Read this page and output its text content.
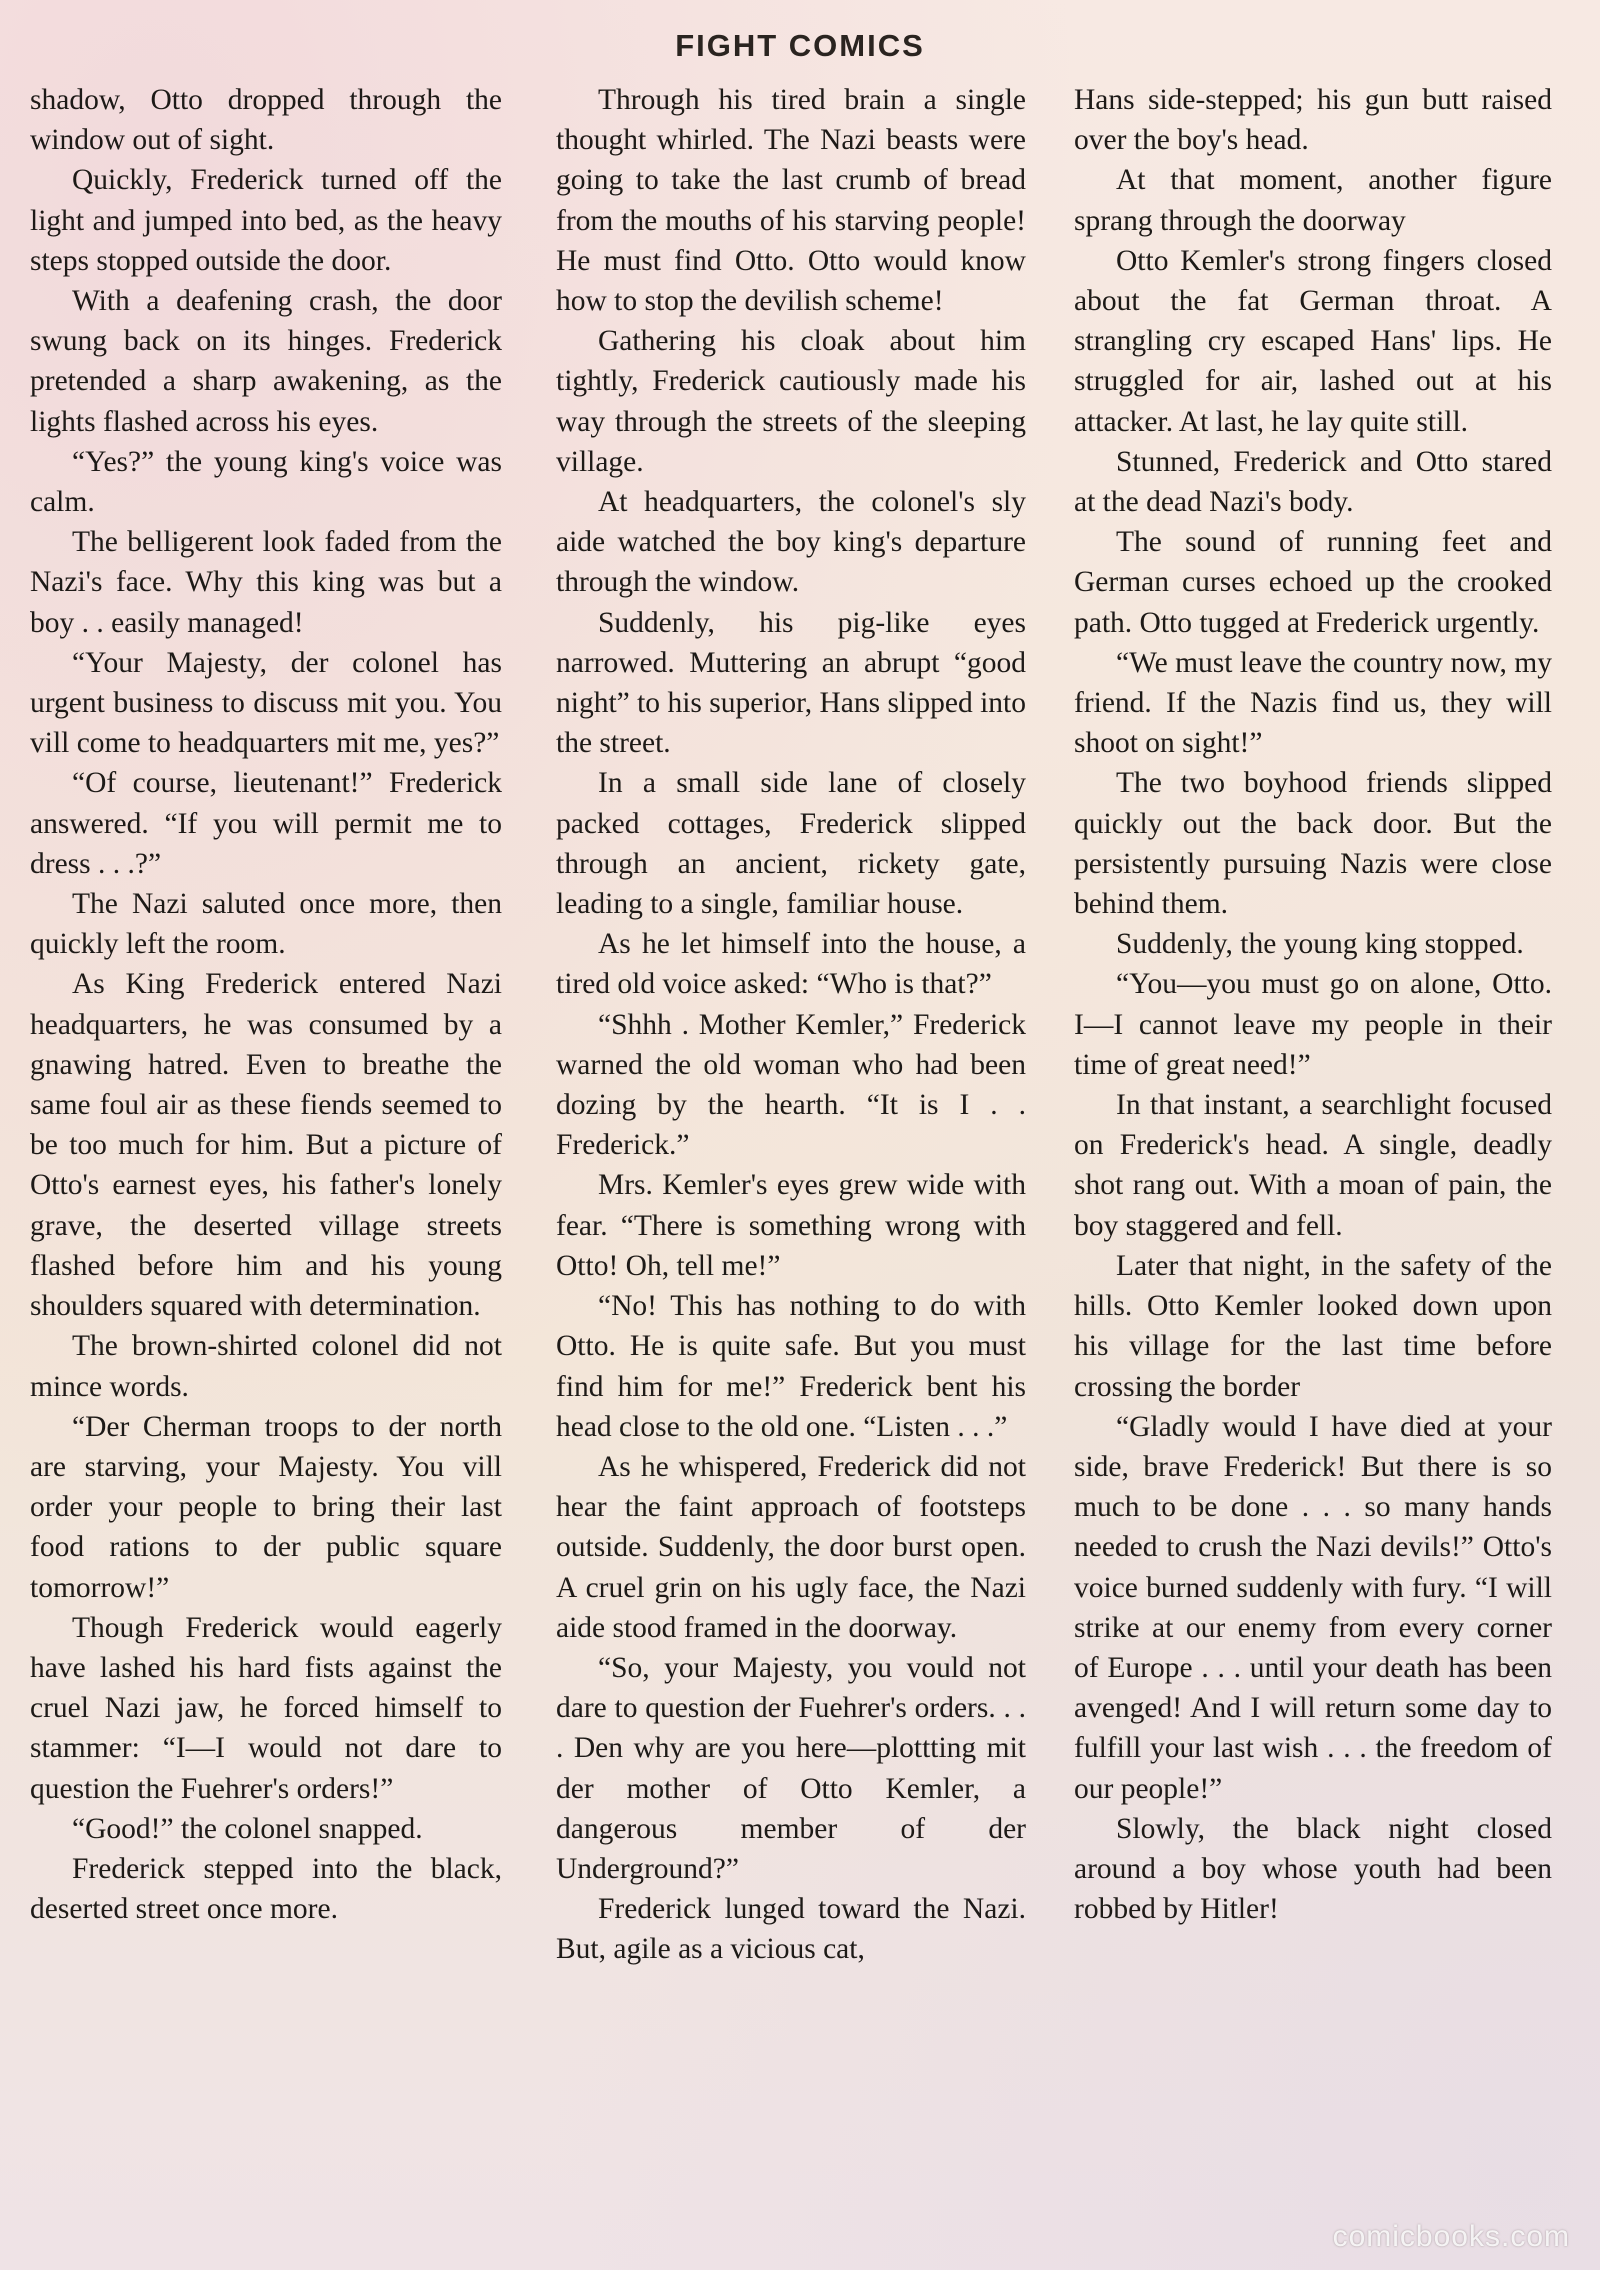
FIGHT COMICS

shadow, Otto dropped through the window out of sight.

Quickly, Frederick turned off the light and jumped into bed, as the heavy steps stopped outside the door.

With a deafening crash, the door swung back on its hinges. Frederick pretended a sharp awakening, as the lights flashed across his eyes.

“Yes?” the young king's voice was calm.

The belligerent look faded from the Nazi's face. Why this king was but a boy . . easily managed!

“Your Majesty, der colonel has urgent business to discuss mit you. You vill come to headquarters mit me, yes?”

“Of course, lieutenant!” Frederick answered. “If you will permit me to dress . . .?”

The Nazi saluted once more, then quickly left the room.

As King Frederick entered Nazi headquarters, he was consumed by a gnawing hatred. Even to breathe the same foul air as these fiends seemed to be too much for him. But a picture of Otto's earnest eyes, his father's lonely grave, the deserted village streets flashed before him and his young shoulders squared with determination.

The brown-shirted colonel did not mince words.

“Der Cherman troops to der north are starving, your Majesty. You vill order your people to bring their last food rations to der public square tomorrow!”

Though Frederick would eagerly have lashed his hard fists against the cruel Nazi jaw, he forced himself to stammer: “I—I would not dare to question the Fuehrer's orders!”

“Good!” the colonel snapped.

Frederick stepped into the black, deserted street once more.

Through his tired brain a single thought whirled. The Nazi beasts were going to take the last crumb of bread from the mouths of his starving people! He must find Otto. Otto would know how to stop the devilish scheme!

Gathering his cloak about him tightly, Frederick cautiously made his way through the streets of the sleeping village.

At headquarters, the colonel's sly aide watched the boy king's departure through the window.

Suddenly, his pig-like eyes narrowed. Muttering an abrupt “good night” to his superior, Hans slipped into the street.

In a small side lane of closely packed cottages, Frederick slipped through an ancient, rickety gate, leading to a single, familiar house.

As he let himself into the house, a tired old voice asked: “Who is that?”

“Shhh . Mother Kemler,” Frederick warned the old woman who had been dozing by the hearth. “It is I . . Frederick.”

Mrs. Kemler's eyes grew wide with fear. “There is something wrong with Otto! Oh, tell me!”

“No! This has nothing to do with Otto. He is quite safe. But you must find him for me!” Frederick bent his head close to the old one. “Listen . . .”

As he whispered, Frederick did not hear the faint approach of footsteps outside. Suddenly, the door burst open. A cruel grin on his ugly face, the Nazi aide stood framed in the doorway.

“So, your Majesty, you vould not dare to question der Fuehrer's orders. . . . Den why are you here—plottting mit der mother of Otto Kemler, a dangerous member of der Underground?”

Frederick lunged toward the Nazi. But, agile as a vicious cat,

Hans side-stepped; his gun butt raised over the boy's head.

At that moment, another figure sprang through the doorway

Otto Kemler's strong fingers closed about the fat German throat. A strangling cry escaped Hans' lips. He struggled for air, lashed out at his attacker. At last, he lay quite still.

Stunned, Frederick and Otto stared at the dead Nazi's body.

The sound of running feet and German curses echoed up the crooked path. Otto tugged at Frederick urgently.

“We must leave the country now, my friend. If the Nazis find us, they will shoot on sight!”

The two boyhood friends slipped quickly out the back door. But the persistently pursuing Nazis were close behind them.

Suddenly, the young king stopped.

“You—you must go on alone, Otto. I—I cannot leave my people in their time of great need!”

In that instant, a searchlight focused on Frederick's head. A single, deadly shot rang out. With a moan of pain, the boy staggered and fell.

Later that night, in the safety of the hills. Otto Kemler looked down upon his village for the last time before crossing the border

“Gladly would I have died at your side, brave Frederick! But there is so much to be done . . . so many hands needed to crush the Nazi devils!” Otto's voice burned suddenly with fury. “I will strike at our enemy from every corner of Europe . . . until your death has been avenged! And I will return some day to fulfill your last wish . . . the freedom of our people!”

Slowly, the black night closed around a boy whose youth had been robbed by Hitler!

comicbooks.com
